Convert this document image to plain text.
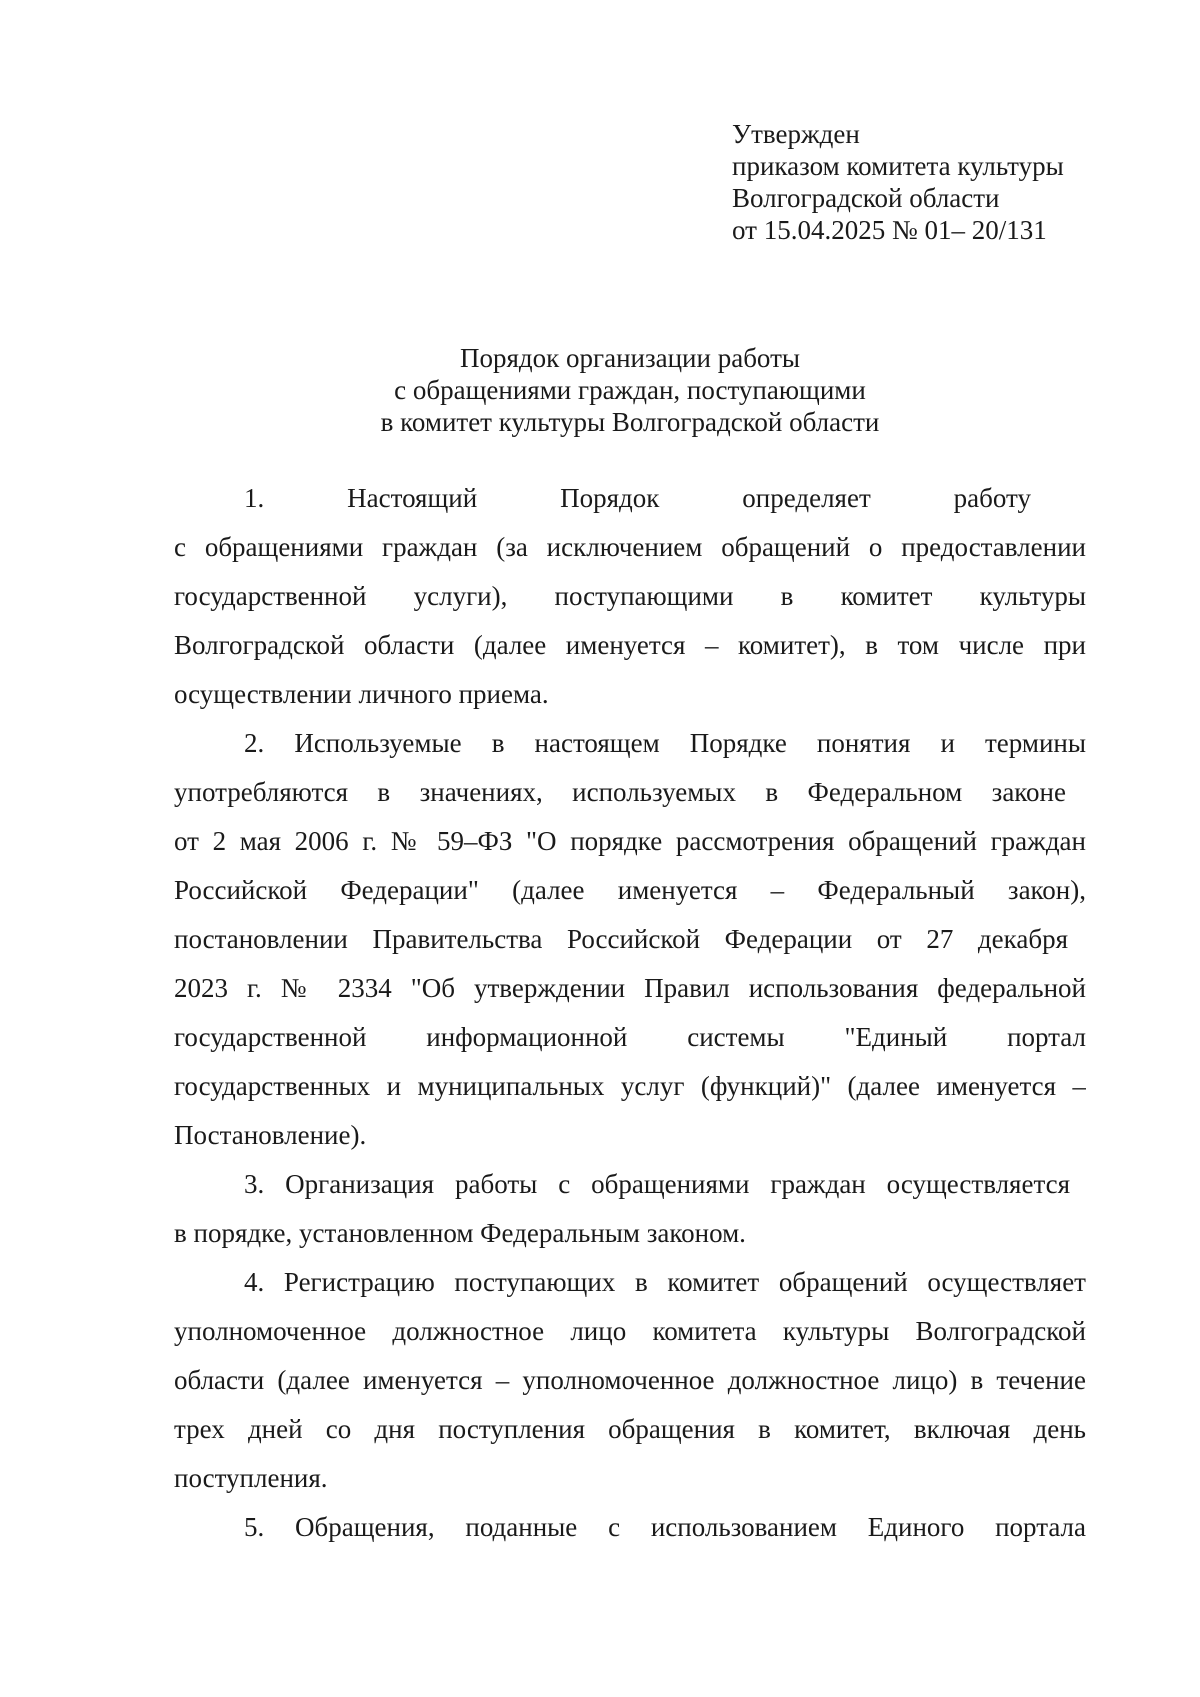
Утвержден
приказом комитета культуры
Волгоградской области
от 15.04.2025 № 01– 20/131
Порядок организации работы
с обращениями граждан, поступающими
в комитет культуры Волгоградской области
1.	Настоящий	Порядок	определяет	работу
с обращениями граждан (за исключением обращений о предоставлении
государственной услуги), поступающими в комитет культуры
Волгоградской области (далее именуется – комитет), в том числе при
осуществлении личного приема.
2. Используемые в настоящем Порядке понятия и термины
употребляются в значениях, используемых в Федеральном законе
от 2 мая 2006 г. № 59–ФЗ "О порядке рассмотрения обращений граждан
Российской Федерации" (далее именуется – Федеральный закон),
постановлении Правительства Российской Федерации от 27 декабря
2023 г. № 2334 "Об утверждении Правил использования федеральной
государственной информационной системы "Единый портал
государственных и муниципальных услуг (функций)" (далее именуется –
Постановление).
3. Организация работы с обращениями граждан осуществляется
в порядке, установленном Федеральным законом.
4. Регистрацию поступающих в комитет обращений осуществляет
уполномоченное должностное лицо комитета культуры Волгоградской
области (далее именуется – уполномоченное должностное лицо) в течение
трех дней со дня поступления обращения в комитет, включая день
поступления.
5. Обращения, поданные с использованием Единого портала
